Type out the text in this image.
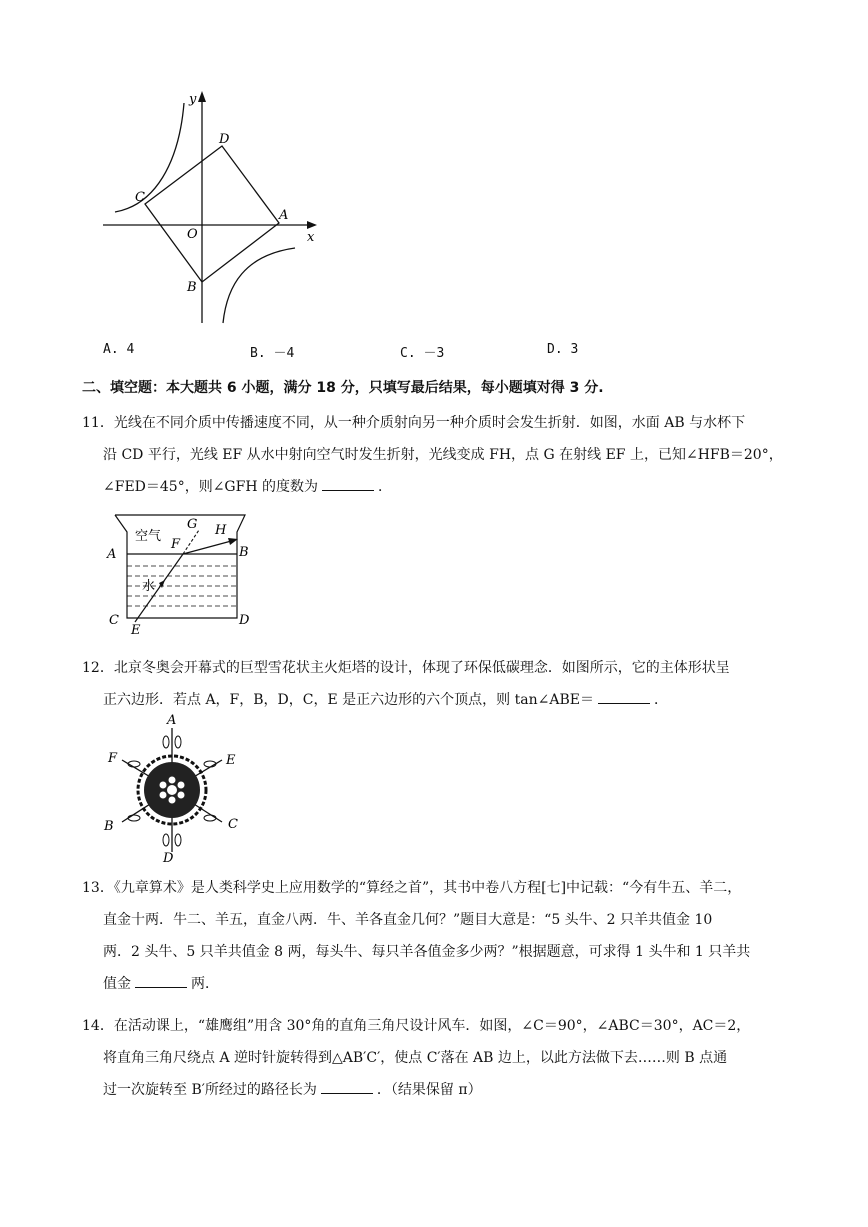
y
x
O
A
B
C
D
A. 4	B. －4	C. －3	D. 3
二、填空题：本大题共 6 小题，满分 18 分，只填写最后结果，每小题填对得 3 分.
11．光线在不同介质中传播速度不同，从一种介质射向另一种介质时会发生折射．如图，水面 AB 与水杯下
沿 CD 平行，光线 EF 从水中射向空气时发生折射，光线变成 FH，点 G 在射线 EF 上，已知∠HFB＝20°，
∠FED＝45°，则∠GFH 的度数为	．
空气
水
A	B
C	D
E
F
G H
12．北京冬奥会开幕式的巨型雪花状主火炬塔的设计，体现了环保低碳理念．如图所示，它的主体形状呈
正六边形．若点 A，F，B，D，C，E 是正六边形的六个顶点，则 tan∠ABE＝	．
A
F	E
B	C
D
13．《九章算术》是人类科学史上应用数学的“算经之首”，其书中卷八方程[七]中记载：“今有牛五、羊二，
直金十两．牛二、羊五，直金八两．牛、羊各直金几何？”题目大意是：“5 头牛、2 只羊共值金 10
两．2 头牛、5 只羊共值金 8 两，每头牛、每只羊各值金多少两？”根据题意，可求得 1 头牛和 1 只羊共
值金	两．
14．在活动课上，“雄鹰组”用含 30°角的直角三角尺设计风车．如图，∠C＝90°，∠ABC＝30°，AC＝2，
将直角三角尺绕点 A 逆时针旋转得到△AB′C′，使点 C′落在 AB 边上，以此方法做下去……则 B 点通
过一次旋转至 B′所经过的路径长为	．（结果保留 π）
